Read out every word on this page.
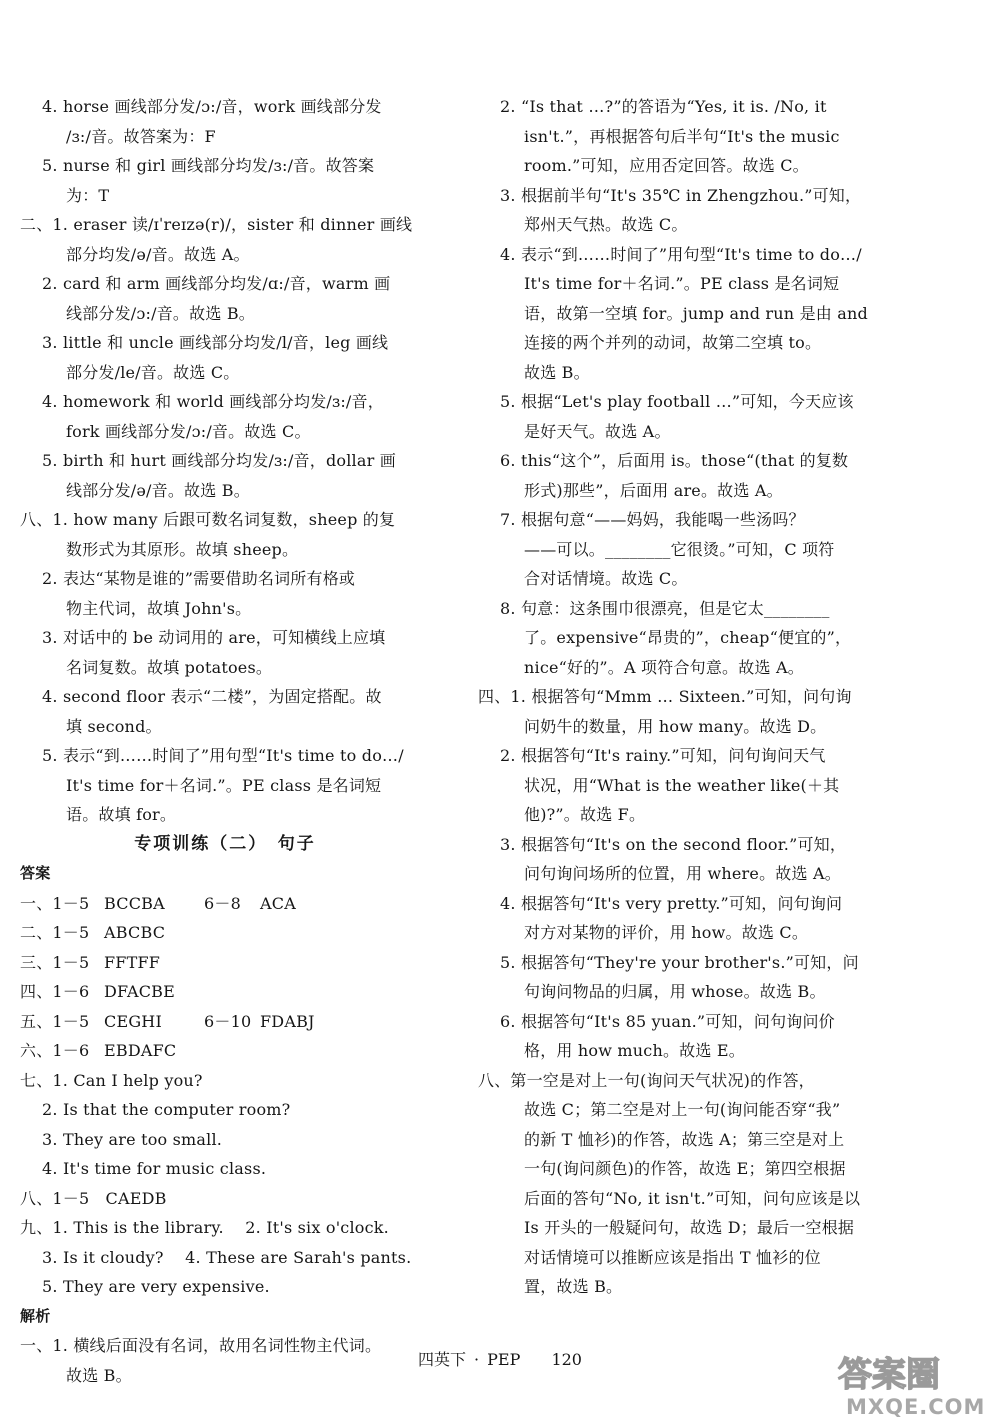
4. horse 画线部分发/ɔ:/音，work 画线部分发
/ɜ:/音。故答案为：F
5. nurse 和 girl 画线部分均发/ɜ:/音。故答案
为：T
二、1. eraser 读/ɪˈreɪzə(r)/，sister 和 dinner 画线
部分均发/ə/音。故选 A。
2. card 和 arm 画线部分均发/ɑ:/音，warm 画
线部分发/ɔ:/音。故选 B。
3. little 和 uncle 画线部分均发/l/音，leg 画线
部分发/le/音。故选 C。
4. homework 和 world 画线部分均发/ɜ:/音，
fork 画线部分发/ɔ:/音。故选 C。
5. birth 和 hurt 画线部分均发/ɜ:/音，dollar 画
线部分发/ə/音。故选 B。
八、1. how many 后跟可数名词复数，sheep 的复
数形式为其原形。故填 sheep。
2. 表达“某物是谁的”需要借助名词所有格或
物主代词，故填 John's。
3. 对话中的 be 动词用的 are，可知横线上应填
名词复数。故填 potatoes。
4. second floor 表示“二楼”，为固定搭配。故
填 second。
5. 表示“到……时间了”用句型“It's time to do…/
It's time for＋名词.”。PE class 是名词短
语。故填 for。
专项训练（二）　句子
答案
一、1－5 BCCBA 6－8 ACA二、1－5 ABCBC三、1－5 FFTFF四、1－6 DFACBE五、1－5 CEGHI	6－10 FDABJ六、1－6 EBDAFC
七、1. Can I help you?
2. Is that the computer room?
3. They are too small.
4. It's time for music class.
八、1－5　CAEDB
九、1. This is the library.　 2. It's six o'clock.
3. Is it cloudy?　 4. These are Sarah's pants.
5. They are very expensive.
解析
一、1. 横线后面没有名词，故用名词性物主代词。
故选 B。
2. “Is that …?”的答语为“Yes, it is. /No, it
isn't.”，再根据答句后半句“It's the music
room.”可知，应用否定回答。故选 C。
3. 根据前半句“It's 35℃ in Zhengzhou.”可知，
郑州天气热。故选 C。
4. 表示“到……时间了”用句型“It's time to do…/
It's time for＋名词.”。PE class 是名词短
语，故第一空填 for。jump and run 是由 and
连接的两个并列的动词，故第二空填 to。
故选 B。
5. 根据“Let's play football …”可知，今天应该
是好天气。故选 A。
6. this“这个”，后面用 is。those“(that 的复数
形式)那些”，后面用 are。故选 A。
7. 根据句意“——妈妈，我能喝一些汤吗？
——可以。________它很烫。”可知，C 项符
合对话情境。故选 C。
8. 句意：这条围巾很漂亮，但是它太________
了。expensive“昂贵的”，cheap“便宜的”，
nice“好的”。A 项符合句意。故选 A。
四、1. 根据答句“Mmm … Sixteen.”可知，问句询
问奶牛的数量，用 how many。故选 D。
2. 根据答句“It's rainy.”可知，问句询问天气
状况，用“What is the weather like(＋其
他)?”。故选 F。
3. 根据答句“It's on the second floor.”可知，
问句询问场所的位置，用 where。故选 A。
4. 根据答句“It's very pretty.”可知，问句询问
对方对某物的评价，用 how。故选 C。
5. 根据答句“They're your brother's.”可知，问
句询问物品的归属，用 whose。故选 B。
6. 根据答句“It's 85 yuan.”可知，问句询问价
格，用 how much。故选 E。
八、第一空是对上一句(询问天气状况)的作答，
故选 C；第二空是对上一句(询问能否穿“我”
的新 T 恤衫)的作答，故选 A；第三空是对上
一句(询问颜色)的作答，故选 E；第四空根据
后面的答句“No, it isn't.”可知，问句应该是以
Is 开头的一般疑问句，故选 D；最后一空根据
对话情境可以推断应该是指出 T 恤衫的位
置，故选 B。
四英下 · PEP 120	答案圈
MXQE.COM
